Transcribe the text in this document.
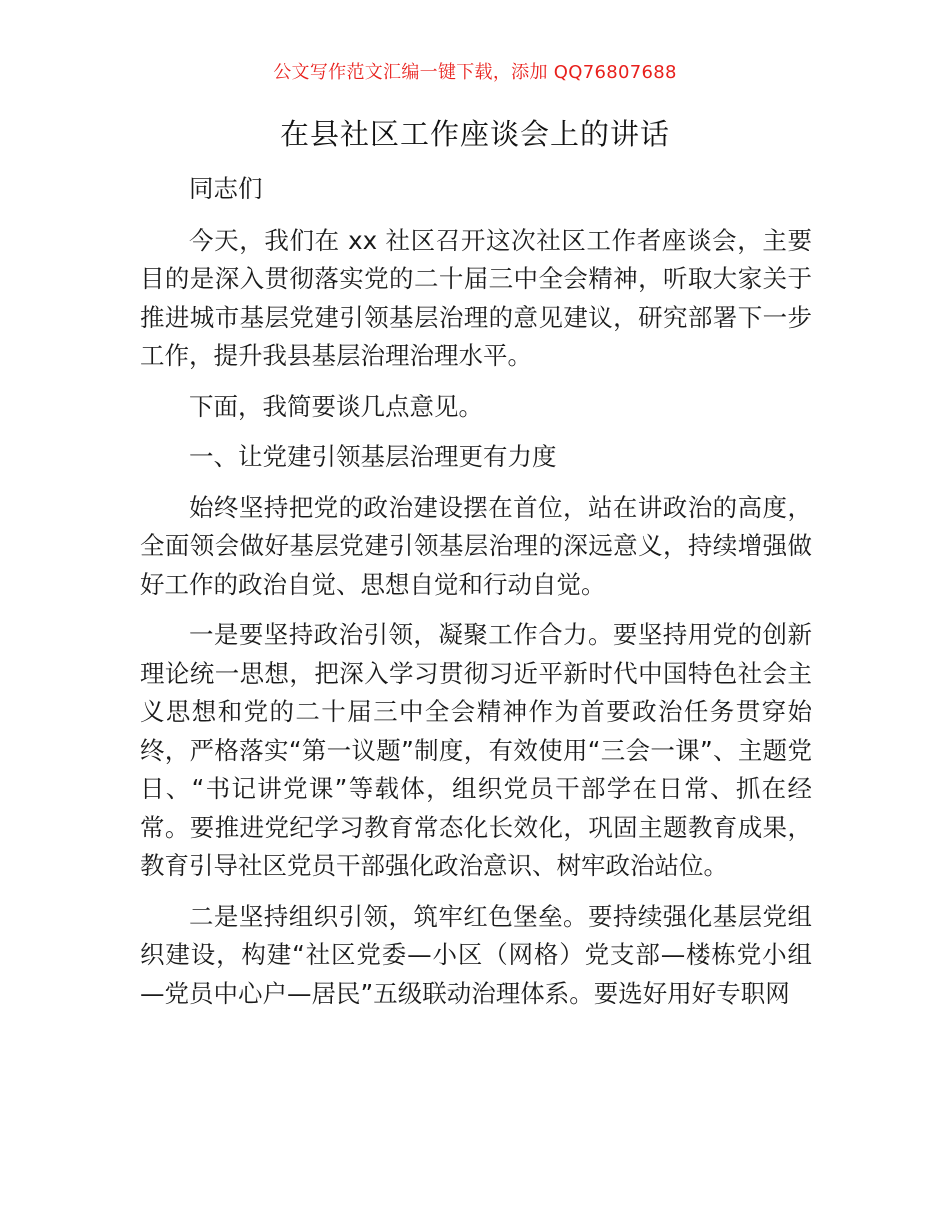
公文写作范文汇编一键下载，添加 QQ76807688
在县社区工作座谈会上的讲话

同志们

今天，我们在 xx 社区召开这次社区工作者座谈会，主要目的是深入贯彻落实党的二十届三中全会精神，听取大家关于推进城市基层党建引领基层治理的意见建议，研究部署下一步工作，提升我县基层治理治理水平。

下面，我简要谈几点意见。

一、让党建引领基层治理更有力度

始终坚持把党的政治建设摆在首位，站在讲政治的高度，全面领会做好基层党建引领基层治理的深远意义，持续增强做好工作的政治自觉、思想自觉和行动自觉。

一是要坚持政治引领，凝聚工作合力。要坚持用党的创新理论统一思想，把深入学习贯彻习近平新时代中国特色社会主义思想和党的二十届三中全会精神作为首要政治任务贯穿始终，严格落实“第一议题”制度，有效使用“三会一课”、主题党日、“书记讲党课”等载体，组织党员干部学在日常、抓在经常。要推进党纪学习教育常态化长效化，巩固主题教育成果，教育引导社区党员干部强化政治意识、树牢政治站位。

二是坚持组织引领，筑牢红色堡垒。要持续强化基层党组织建设，构建“社区党委—小区（网格）党支部—楼栋党小组—党员中心户—居民”五级联动治理体系。要选好用好专职网
